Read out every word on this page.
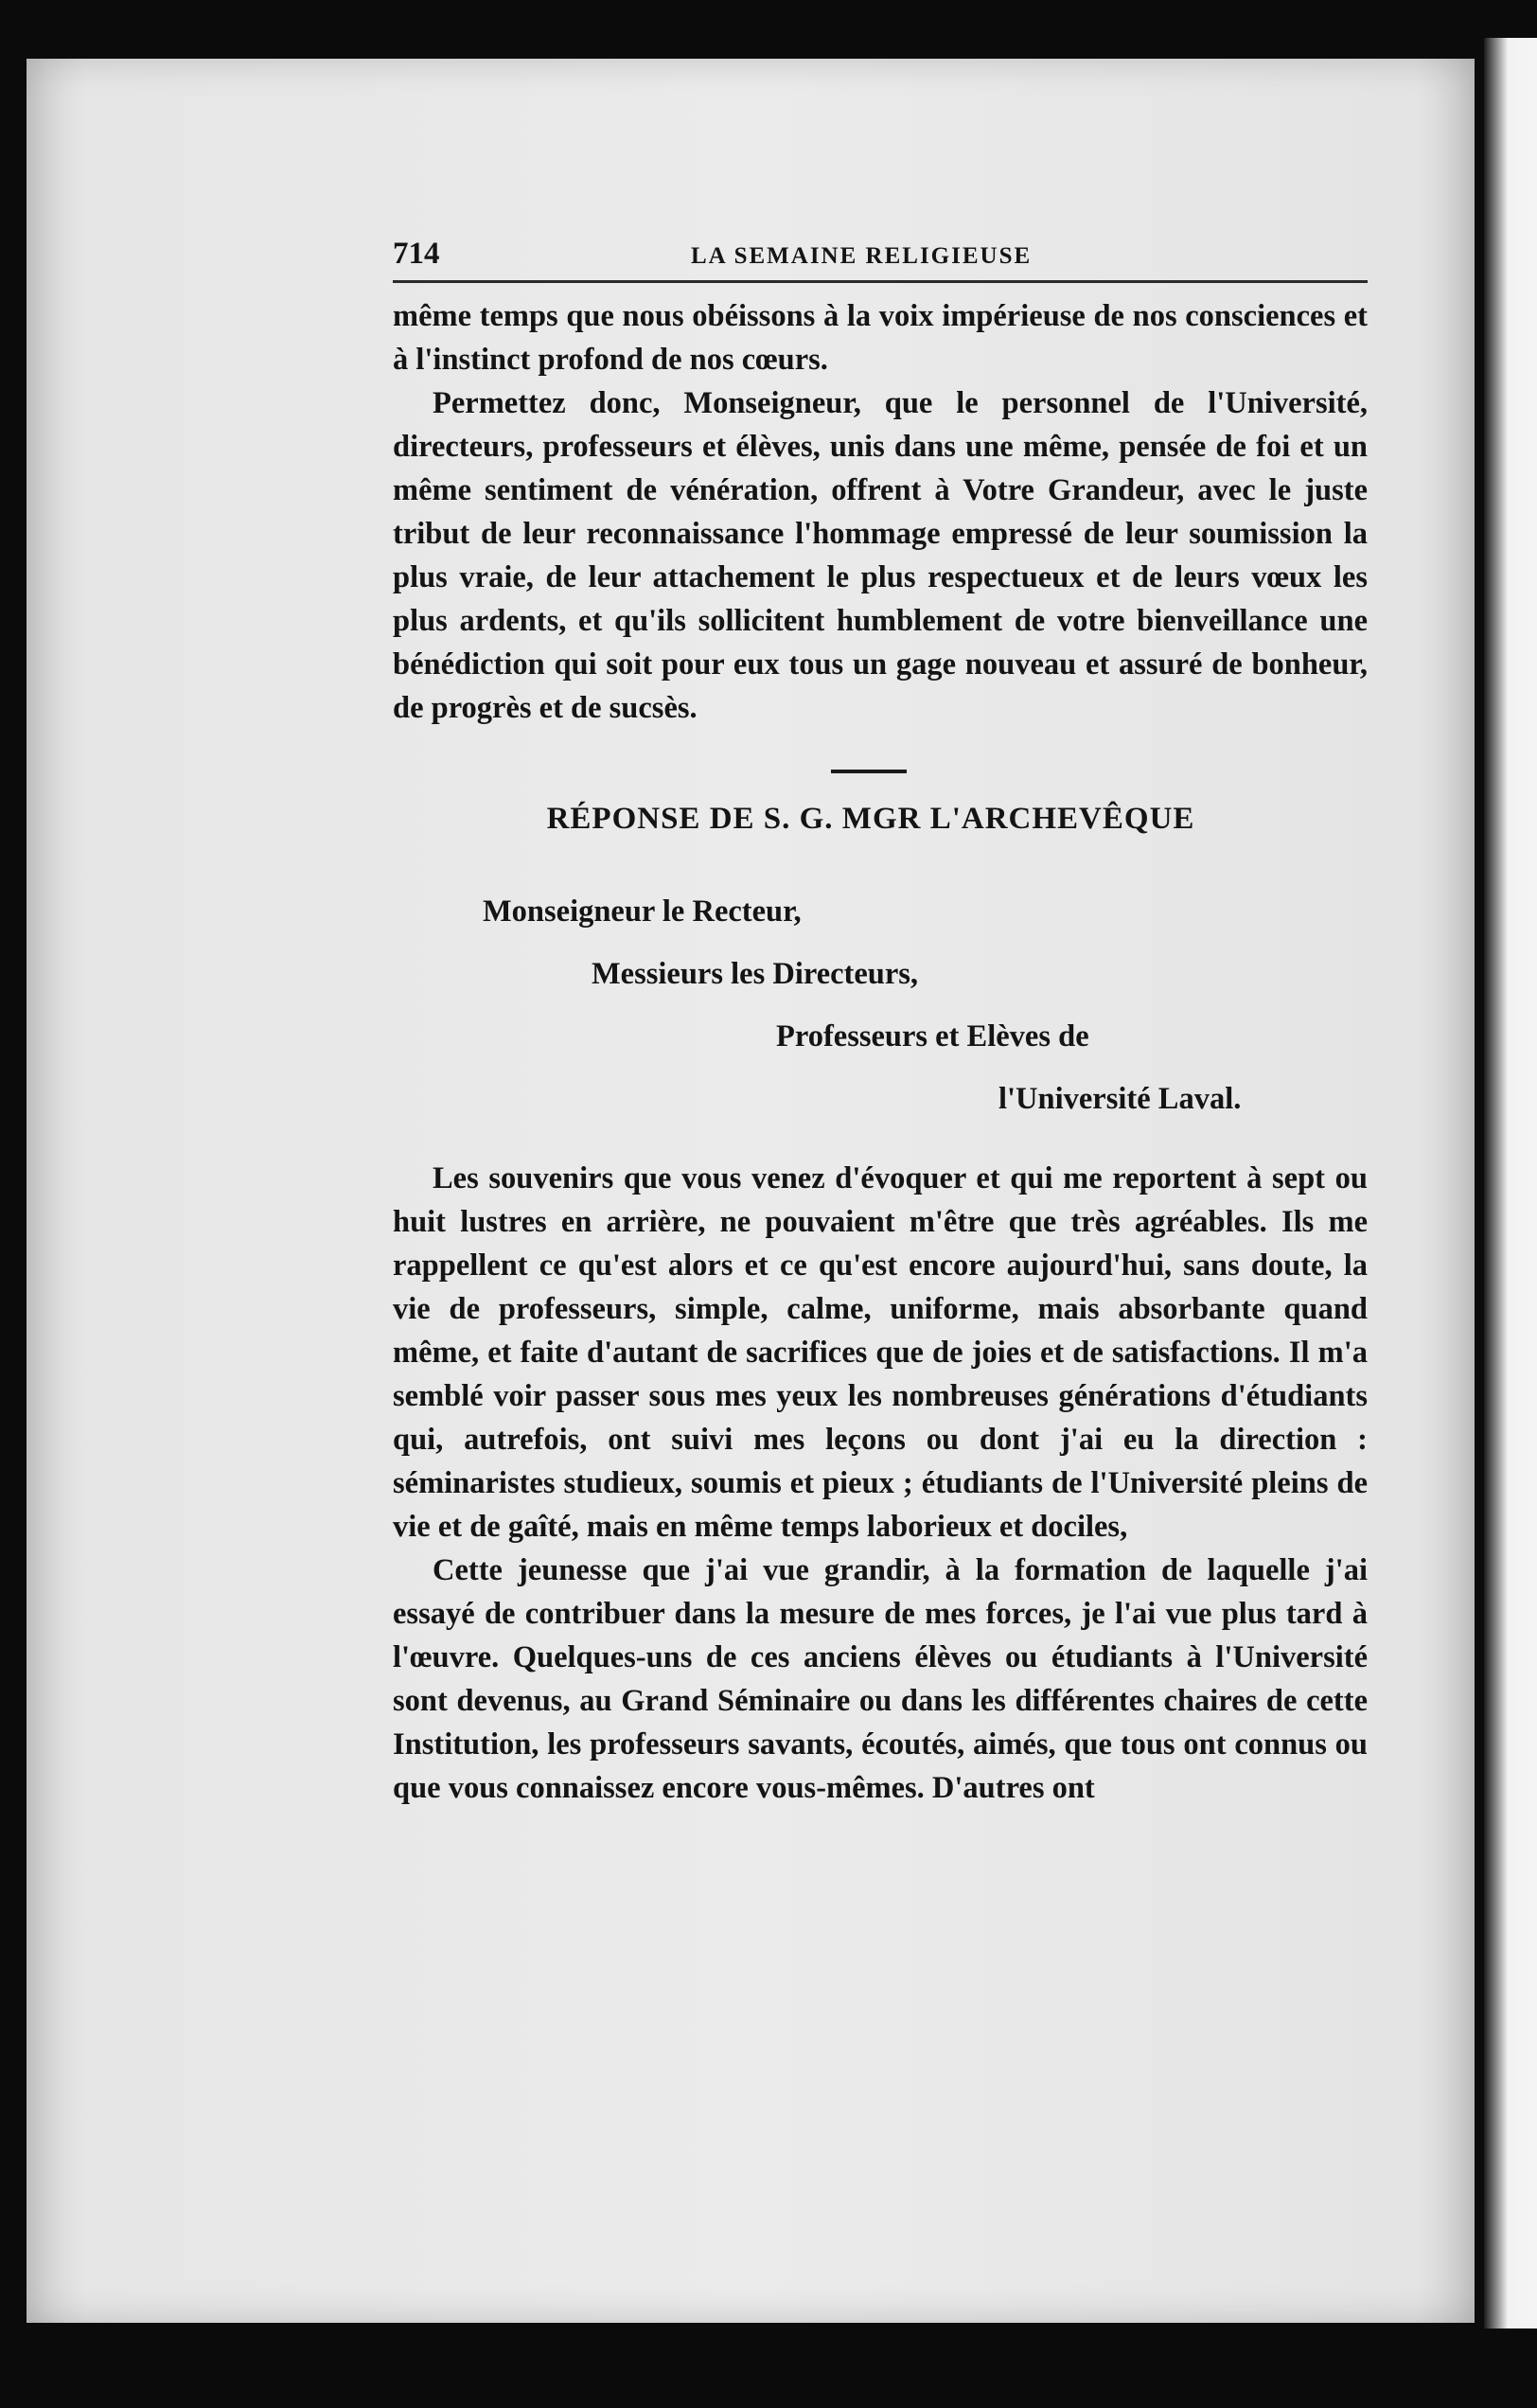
714	LA SEMAINE RELIGIEUSE

même temps que nous obéissons à la voix impérieuse de nos consciences et à l'instinct profond de nos cœurs.

Permettez donc, Monseigneur, que le personnel de l'Université, directeurs, professeurs et élèves, unis dans une même, pensée de foi et un même sentiment de vénération, offrent à Votre Grandeur, avec le juste tribut de leur reconnaissance l'hommage empressé de leur soumission la plus vraie, de leur attachement le plus respectueux et de leurs vœux les plus ardents, et qu'ils sollicitent humblement de votre bienveillance une bénédiction qui soit pour eux tous un gage nouveau et assuré de bonheur, de progrès et de sucsès.

RÉPONSE DE S. G. MGR L'ARCHEVÊQUE

Monseigneur le Recteur,

Messieurs les Directeurs,

Professeurs et Elèves de

l'Université Laval.

Les souvenirs que vous venez d'évoquer et qui me reportent à sept ou huit lustres en arrière, ne pouvaient m'être que très agréables. Ils me rappellent ce qu'est alors et ce qu'est encore aujourd'hui, sans doute, la vie de professeurs, simple, calme, uniforme, mais absorbante quand même, et faite d'autant de sacrifices que de joies et de satisfactions. Il m'a semblé voir passer sous mes yeux les nombreuses générations d'étudiants qui, autrefois, ont suivi mes leçons ou dont j'ai eu la direction : séminaristes studieux, soumis et pieux ; étudiants de l'Université pleins de vie et de gaîté, mais en même temps laborieux et dociles,

Cette jeunesse que j'ai vue grandir, à la formation de laquelle j'ai essayé de contribuer dans la mesure de mes forces, je l'ai vue plus tard à l'œuvre. Quelques-uns de ces anciens élèves ou étudiants à l'Université sont devenus, au Grand Séminaire ou dans les différentes chaires de cette Institution, les professeurs savants, écoutés, aimés, que tous ont connus ou que vous connaissez encore vous-mêmes. D'autres ont
